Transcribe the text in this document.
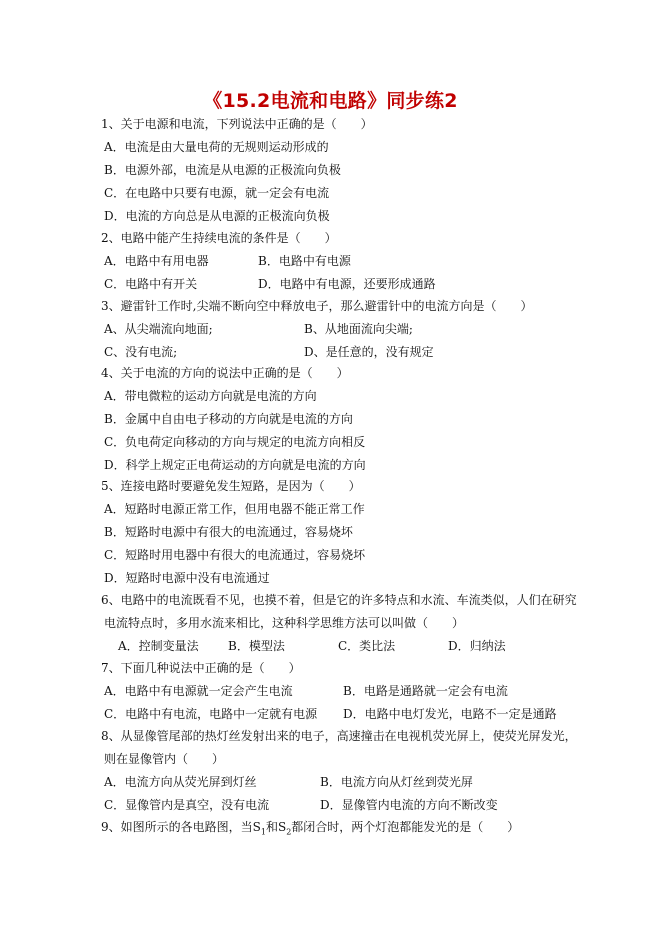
《15.2电流和电路》同步练2
1、关于电源和电流，下列说法中正确的是（　　）
A．电流是由大量电荷的无规则运动形成的
B．电源外部，电流是从电源的正极流向负极
C．在电路中只要有电源，就一定会有电流
D．电流的方向总是从电源的正极流向负极
2、电路中能产生持续电流的条件是（　　）
A．电路中有用电器	B．电路中有电源
C．电路中有开关	D．电路中有电源，还要形成通路
3、避雷针工作时,尖端不断向空中释放电子，那么避雷针中的电流方向是（　　）
A、从尖端流向地面;	B、从地面流向尖端;
C、没有电流;	D、是任意的，没有规定
4、关于电流的方向的说法中正确的是（　　）
A．带电微粒的运动方向就是电流的方向
B．金属中自由电子移动的方向就是电流的方向
C．负电荷定向移动的方向与规定的电流方向相反
D．科学上规定正电荷运动的方向就是电流的方向
5、连接电路时要避免发生短路，是因为（　　）
A．短路时电源正常工作，但用电器不能正常工作
B．短路时电源中有很大的电流通过，容易烧坏
C．短路时用电器中有很大的电流通过，容易烧坏
D．短路时电源中没有电流通过
6、电路中的电流既看不见，也摸不着，但是它的许多特点和水流、车流类似，人们在研究
电流特点时，多用水流来相比，这种科学思维方法可以叫做（　　）
A．控制变量法 B．模型法	C．类比法	D．归纳法
7、下面几种说法中正确的是（　　）
A．电路中有电源就一定会产生电流	B．电路是通路就一定会有电流
C．电路中有电流，电路中一定就有电源 D．电路中电灯发光，电路不一定是通路
8、从显像管尾部的热灯丝发射出来的电子，高速撞击在电视机荧光屏上，使荧光屏发光，
则在显像管内（　　）
A．电流方向从荧光屏到灯丝	B．电流方向从灯丝到荧光屏
C．显像管内是真空，没有电流	D．显像管内电流的方向不断改变
9、如图所示的各电路图，当$S_1$和$S_2$都闭合时，两个灯泡都能发光的是（　　）
